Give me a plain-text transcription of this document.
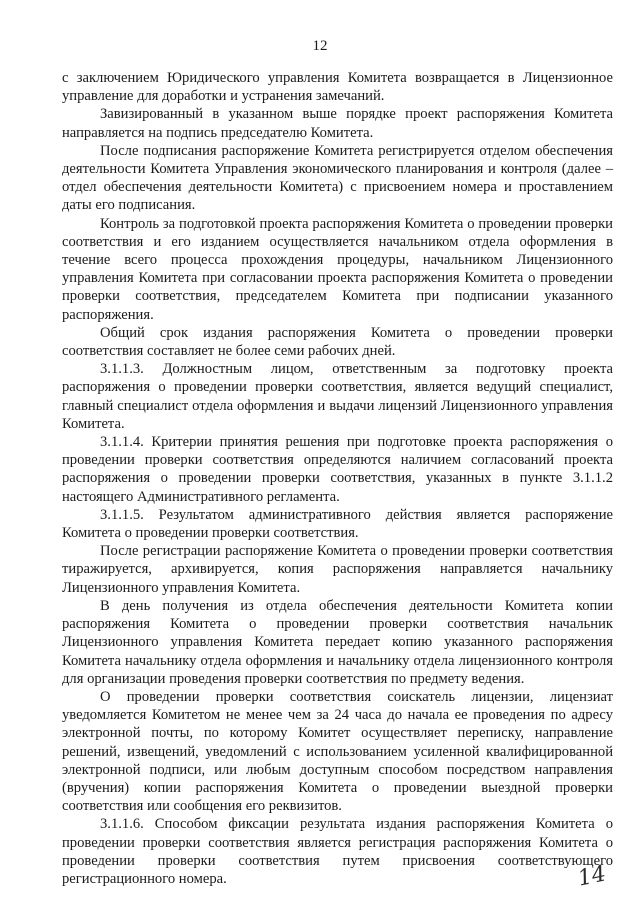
12

с заключением Юридического управления Комитета возвращается в Лицензионное управление для доработки и устранения замечаний.

Завизированный в указанном выше порядке проект распоряжения Комитета направляется на подпись председателю Комитета.

После подписания распоряжение Комитета регистрируется отделом обеспечения деятельности Комитета Управления экономического планирования и контроля (далее – отдел обеспечения деятельности Комитета) с присвоением номера и проставлением даты его подписания.

Контроль за подготовкой проекта распоряжения Комитета о проведении проверки соответствия и его изданием осуществляется начальником отдела оформления в течение всего процесса прохождения процедуры, начальником Лицензионного управления Комитета при согласовании проекта распоряжения Комитета о проведении проверки соответствия, председателем Комитета при подписании указанного распоряжения.

Общий срок издания распоряжения Комитета о проведении проверки соответствия составляет не более семи рабочих дней.

3.1.1.3. Должностным лицом, ответственным за подготовку проекта распоряжения о проведении проверки соответствия, является ведущий специалист, главный специалист отдела оформления и выдачи лицензий Лицензионного управления Комитета.

3.1.1.4. Критерии принятия решения при подготовке проекта распоряжения о проведении проверки соответствия определяются наличием согласований проекта распоряжения о проведении проверки соответствия, указанных в пункте 3.1.1.2 настоящего Административного регламента.

3.1.1.5. Результатом административного действия является распоряжение Комитета о проведении проверки соответствия.

После регистрации распоряжение Комитета о проведении проверки соответствия тиражируется, архивируется, копия распоряжения направляется начальнику Лицензионного управления Комитета.

В день получения из отдела обеспечения деятельности Комитета копии распоряжения Комитета о проведении проверки соответствия начальник Лицензионного управления Комитета передает копию указанного распоряжения Комитета начальнику отдела оформления и начальнику отдела лицензионного контроля для организации проведения проверки соответствия по предмету ведения.

О проведении проверки соответствия соискатель лицензии, лицензиат уведомляется Комитетом не менее чем за 24 часа до начала ее проведения по адресу электронной почты, по которому Комитет осуществляет переписку, направление решений, извещений, уведомлений с использованием усиленной квалифицированной электронной подписи, или любым доступным способом посредством направления (вручения) копии распоряжения Комитета о проведении выездной проверки соответствия или сообщения его реквизитов.

3.1.1.6. Способом фиксации результата издания распоряжения Комитета о проведении проверки соответствия является регистрация распоряжения Комитета о проведении проверки соответствия путем присвоения соответствующего регистрационного номера.	14
